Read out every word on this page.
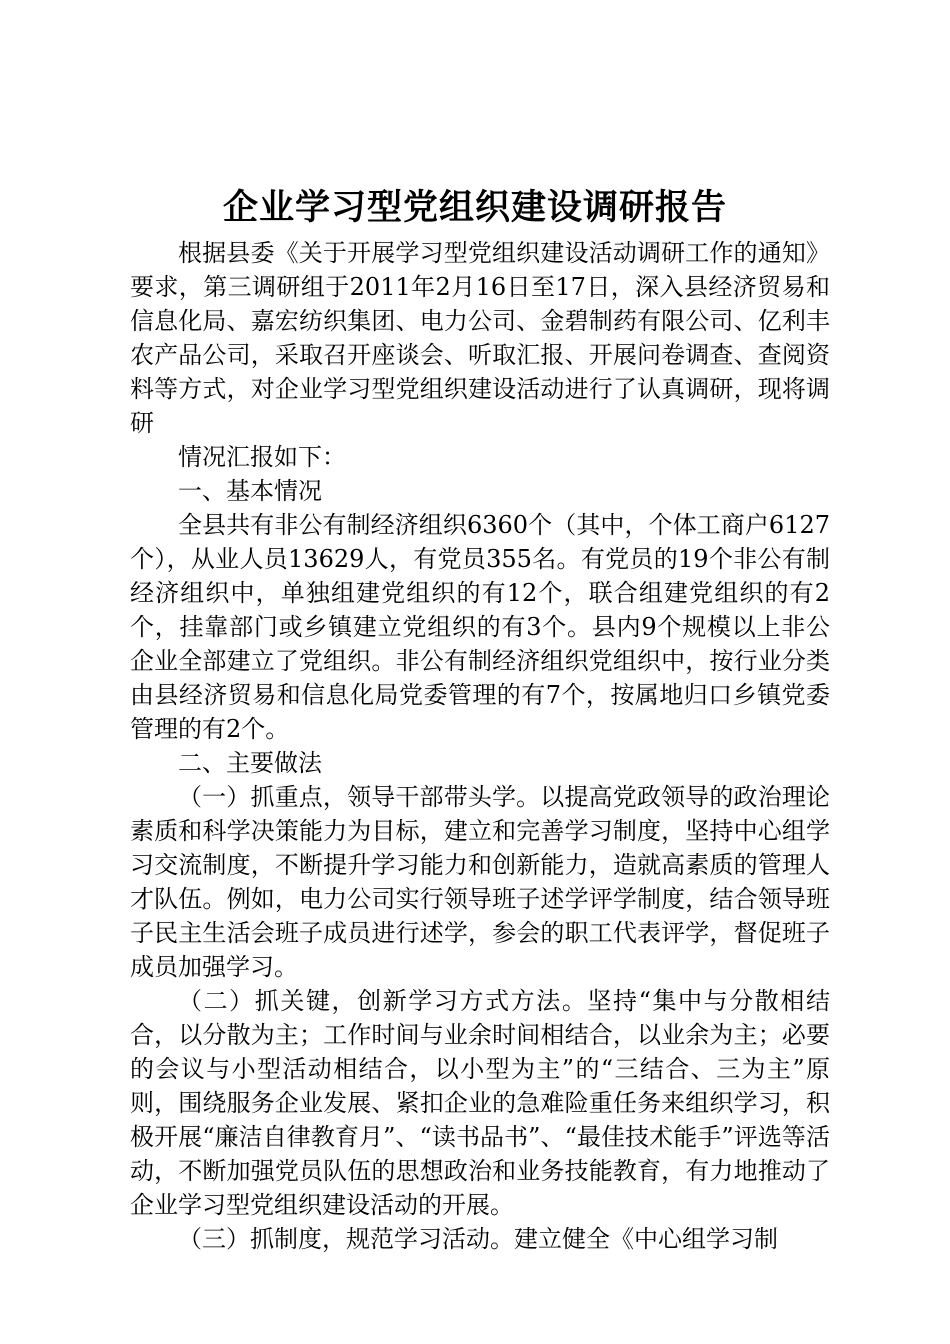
企业学习型党组织建设调研报告

根据县委《关于开展学习型党组织建设活动调研工作的通知》要求，第三调研组于2011年2月16日至17日，深入县经济贸易和信息化局、嘉宏纺织集团、电力公司、金碧制药有限公司、亿利丰农产品公司，采取召开座谈会、听取汇报、开展问卷调查、查阅资料等方式，对企业学习型党组织建设活动进行了认真调研，现将调研

情况汇报如下：

一、基本情况

全县共有非公有制经济组织6360个（其中，个体工商户6127个），从业人员13629人，有党员355名。有党员的19个非公有制经济组织中，单独组建党组织的有12个，联合组建党组织的有2个，挂靠部门或乡镇建立党组织的有3个。县内9个规模以上非公企业全部建立了党组织。非公有制经济组织党组织中，按行业分类由县经济贸易和信息化局党委管理的有7个，按属地归口乡镇党委管理的有2个。

二、主要做法

（一）抓重点，领导干部带头学。以提高党政领导的政治理论素质和科学决策能力为目标，建立和完善学习制度，坚持中心组学习交流制度，不断提升学习能力和创新能力，造就高素质的管理人才队伍。例如，电力公司实行领导班子述学评学制度，结合领导班子民主生活会班子成员进行述学，参会的职工代表评学，督促班子成员加强学习。

（二）抓关键，创新学习方式方法。坚持“集中与分散相结合，以分散为主；工作时间与业余时间相结合，以业余为主；必要的会议与小型活动相结合，以小型为主”的“三结合、三为主”原则，围绕服务企业发展、紧扣企业的急难险重任务来组织学习，积极开展“廉洁自律教育月”、“读书品书”、“最佳技术能手”评选等活动，不断加强党员队伍的思想政治和业务技能教育，有力地推动了企业学习型党组织建设活动的开展。

（三）抓制度，规范学习活动。建立健全《中心组学习制
